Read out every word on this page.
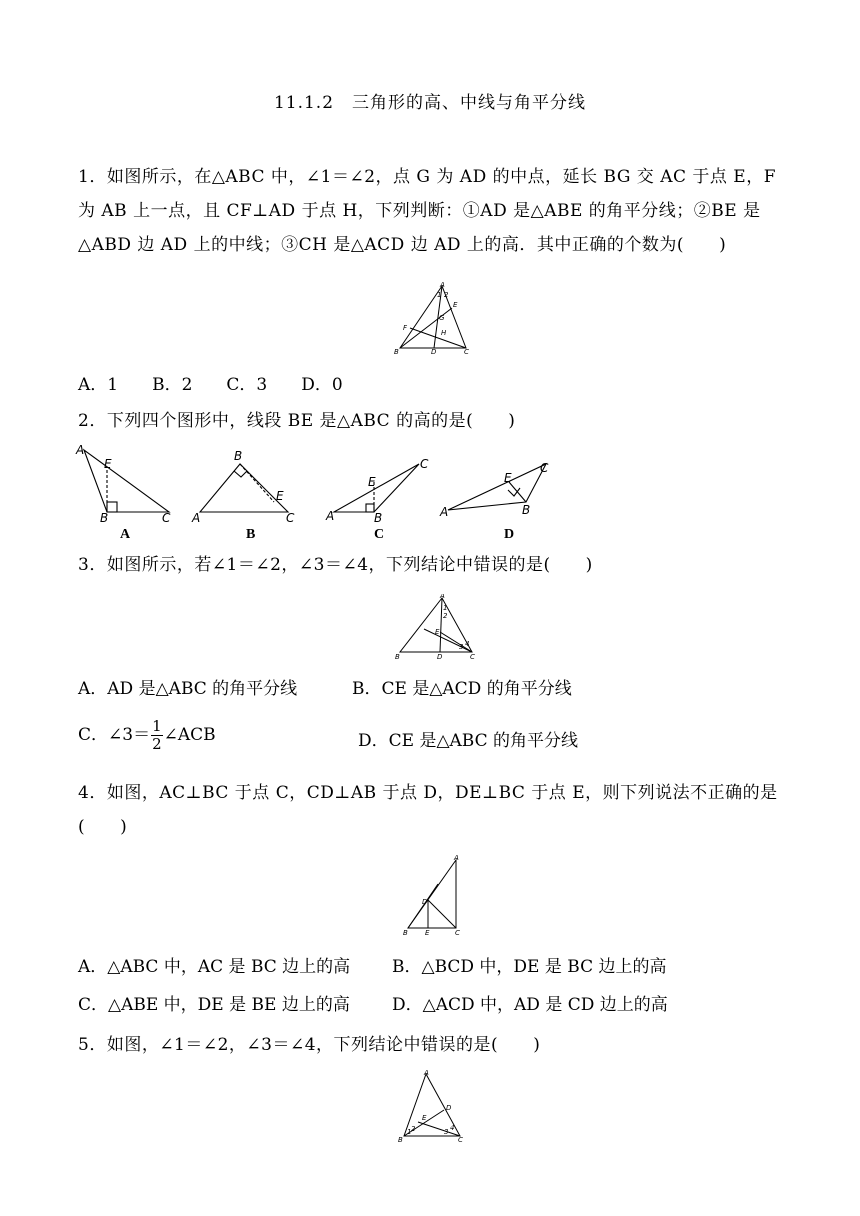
11.1.2　三角形的高、中线与角平分线
1．如图所示，在△ABC 中，∠1＝∠2，点 G 为 AD 的中点，延长 BG 交 AC 于点 E，F 为 AB 上一点，且 CF⊥AD 于点 H，下列判断：①AD 是△ABE 的角平分线；②BE 是△ABD 边 AD 上的中线；③CH 是△ACD 边 AD 上的高．其中正确的个数为(　　)
A
B	D	C
E
F
G
H
1 2
A．1　　B．2　　C．3　　D．0
2．下列四个图形中，线段 BE 是△ABC 的高的是(　　)
A
E
B	C
B
A	C
E
A
C
E
B	A
C
E
B
A	B	C	D
3．如图所示，若∠1＝∠2，∠3＝∠4，下列结论中错误的是(　　)
A
B	D	C
E
1
2
3 4
A．AD 是△ABC 的角平分线	B．CE 是△ACD 的角平分线
C．∠3＝ $\frac{1}{2}$ ∠ACB	D．CE 是△ABC 的角平分线
4．如图，AC⊥BC 于点 C，CD⊥AB 于点 D，DE⊥BC 于点 E，则下列说法不正确的是(　　)
A
B E	C
D
A．△ABC 中，AC 是 BC 边上的高 B．△BCD 中，DE 是 BC 边上的高
C．△ABE 中，DE 是 BE 边上的高 D．△ACD 中，AD 是 CD 边上的高
5．如图，∠1＝∠2，∠3＝∠4，下列结论中错误的是(　　)
A
B	C
D
E
1 2	3 4
